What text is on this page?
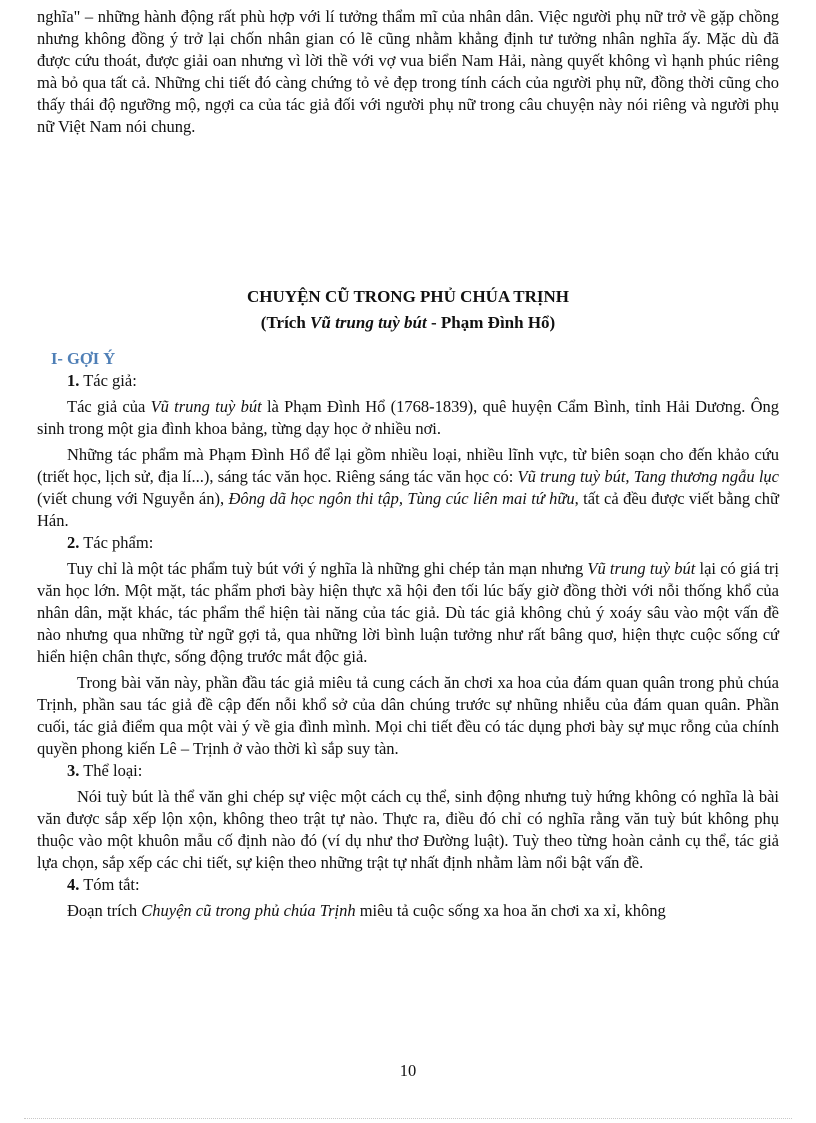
nghĩa" – những hành động rất phù hợp với lí tưởng thẩm mĩ của nhân dân. Việc người phụ nữ trở về gặp chồng nhưng không đồng ý trở lại chốn nhân gian có lẽ cũng nhằm khẳng định tư tưởng nhân nghĩa ấy. Mặc dù đã được cứu thoát, được giải oan nhưng vì lời thề với vợ vua biển Nam Hải, nàng quyết không vì hạnh phúc riêng mà bỏ qua tất cả. Những chi tiết đó càng chứng tỏ vẻ đẹp trong tính cách của người phụ nữ, đồng thời cũng cho thấy thái độ ngưỡng mộ, ngợi ca của tác giả đối với người phụ nữ trong câu chuyện này nói riêng và người phụ nữ Việt Nam nói chung.

CHUYỆN CŨ TRONG PHỦ CHÚA TRỊNH

(Trích Vũ trung tuỳ bút - Phạm Đình Hổ)

I- GỢI Ý

1. Tác giả:

Tác giả của Vũ trung tuỳ bút là Phạm Đình Hổ (1768-1839), quê huyện Cẩm Bình, tỉnh Hải Dương. Ông sinh trong một gia đình khoa bảng, từng dạy học ở nhiều nơi.

Những tác phẩm mà Phạm Đình Hổ để lại gồm nhiều loại, nhiều lĩnh vực, từ biên soạn cho đến khảo cứu (triết học, lịch sử, địa lí...), sáng tác văn học. Riêng sáng tác văn học có: Vũ trung tuỳ bút, Tang thương ngẫu lục (viết chung với Nguyễn án), Đông dã học ngôn thi tập, Tùng cúc liên mai tứ hữu, tất cả đều được viết bằng chữ Hán.

2. Tác phẩm:

Tuy chỉ là một tác phẩm tuỳ bút với ý nghĩa là những ghi chép tản mạn nhưng Vũ trung tuỳ bút lại có giá trị văn học lớn. Một mặt, tác phẩm phơi bày hiện thực xã hội đen tối lúc bấy giờ đồng thời với nỗi thống khổ của nhân dân, mặt khác, tác phẩm thể hiện tài năng của tác giả. Dù tác giả không chủ ý xoáy sâu vào một vấn đề nào nhưng qua những từ ngữ gợi tả, qua những lời bình luận tưởng như rất bâng quơ, hiện thực cuộc sống cứ hiển hiện chân thực, sống động trước mắt độc giả.

Trong bài văn này, phần đầu tác giả miêu tả cung cách ăn chơi xa hoa của đám quan quân trong phủ chúa Trịnh, phần sau tác giả đề cập đến nỗi khổ sở của dân chúng trước sự nhũng nhiễu của đám quan quân. Phần cuối, tác giả điểm qua một vài ý về gia đình mình. Mọi chi tiết đều có tác dụng phơi bày sự mục rỗng của chính quyền phong kiến Lê – Trịnh ở vào thời kì sắp suy tàn.

3. Thể loại:

Nói tuỳ bút là thể văn ghi chép sự việc một cách cụ thể, sinh động nhưng tuỳ hứng không có nghĩa là bài văn được sắp xếp lộn xộn, không theo trật tự nào. Thực ra, điều đó chỉ có nghĩa rằng văn tuỳ bút không phụ thuộc vào một khuôn mẫu cố định nào đó (ví dụ như thơ Đường luật). Tuỳ theo từng hoàn cảnh cụ thể, tác giả lựa chọn, sắp xếp các chi tiết, sự kiện theo những trật tự nhất định nhằm làm nổi bật vấn đề.

4. Tóm tắt:

Đoạn trích Chuyện cũ trong phủ chúa Trịnh miêu tả cuộc sống xa hoa ăn chơi xa xỉ, không

10
